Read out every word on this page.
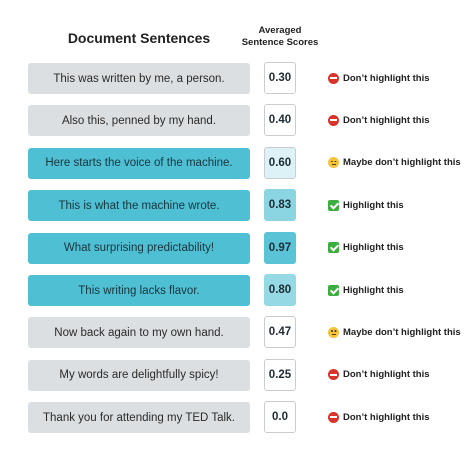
Document Sentences	Averaged
Sentence Scores
This was written by me, a person.	0.30	Don’t highlight this
Also this, penned by my hand.	0.40	Don’t highlight this
Here starts the voice of the machine.	0.60	Maybe don’t highlight this
This is what the machine wrote.	0.83	Highlight this
What surprising predictability!	0.97	Highlight this
This writing lacks flavor.	0.80	Highlight this
Now back again to my own hand.	0.47	Maybe don’t highlight this
My words are delightfully spicy!	0.25	Don’t highlight this
Thank you for attending my TED Talk.	0.0	Don’t highlight this
